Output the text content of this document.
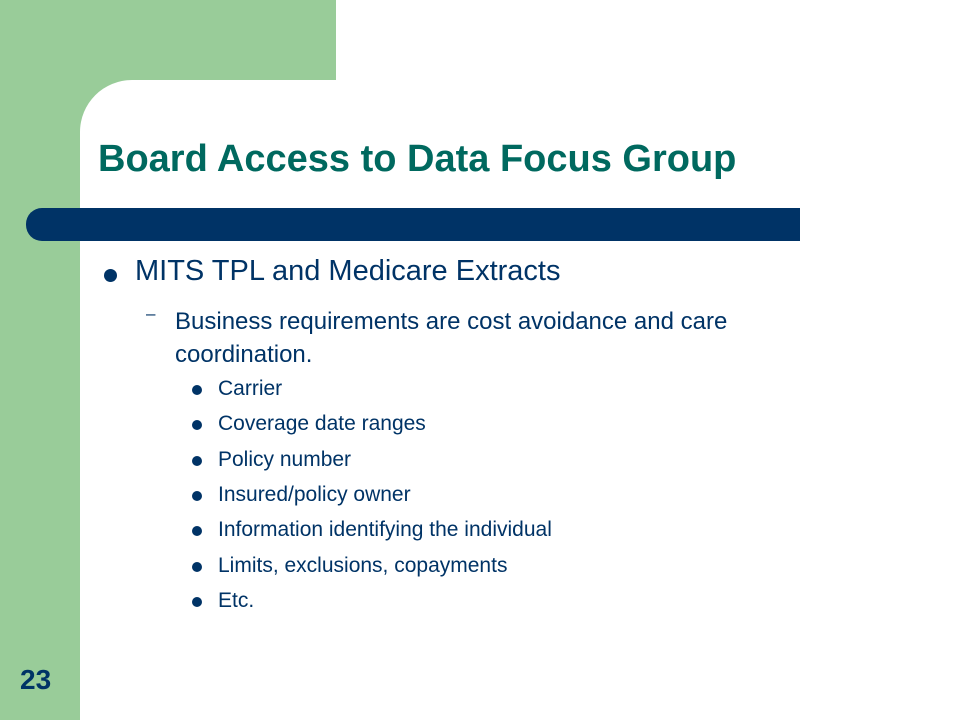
Board Access to Data Focus Group
MITS TPL and Medicare Extracts
– Business requirements are cost avoidance and care coordination.
Carrier
Coverage date ranges
Policy number
Insured/policy owner
Information identifying the individual
Limits, exclusions, copayments
Etc.
23
